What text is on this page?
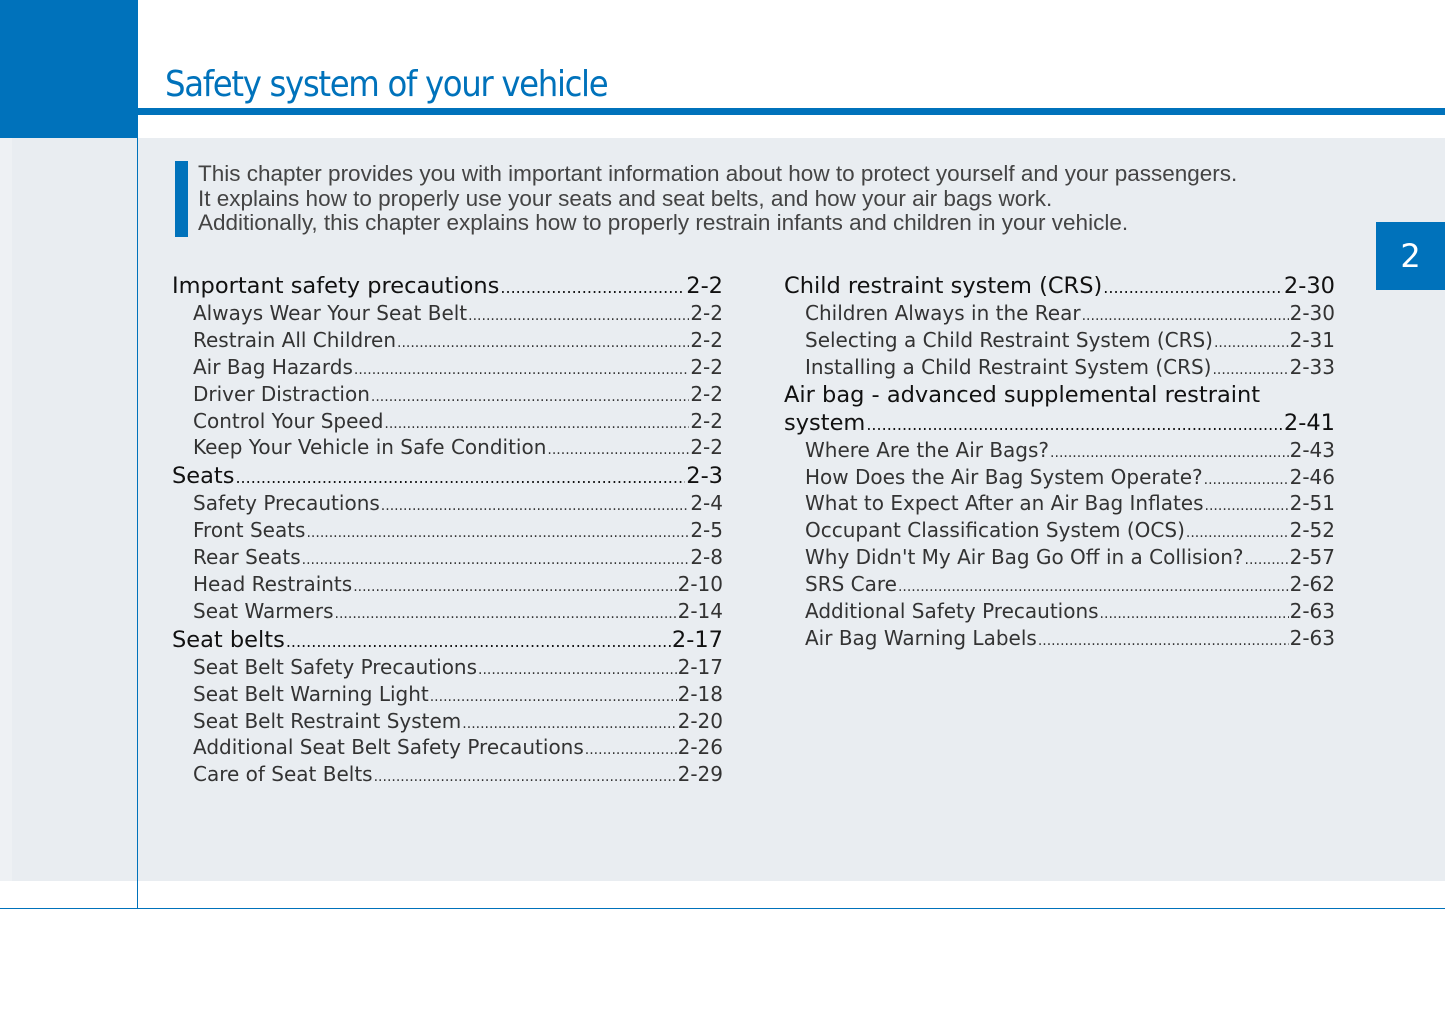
Safety system of your vehicle
This chapter provides you with important information about how to protect yourself and your passengers.
It explains how to properly use your seats and seat belts, and how your air bags work.
Additionally, this chapter explains how to properly restrain infants and children in your vehicle.
2
Important safety precautions .....	2-2
Always Wear Your Seat Belt .....	2-2
Restrain All Children .....	2-2
Air Bag Hazards .....	2-2
Driver Distraction .....	2-2
Control Your Speed .....	2-2
Keep Your Vehicle in Safe Condition .....	2-2
Seats .....	2-3
Safety Precautions .....	2-4
Front Seats .....	2-5
Rear Seats .....	2-8
Head Restraints .....	2-10
Seat Warmers .....	2-14
Seat belts .....	2-17
Seat Belt Safety Precautions .....	2-17
Seat Belt Warning Light .....	2-18
Seat Belt Restraint System .....	2-20
Additional Seat Belt Safety Precautions .....	2-26
Care of Seat Belts .....	2-29
Child restraint system (CRS) .....	2-30
Children Always in the Rear .....	2-30
Selecting a Child Restraint System (CRS) .....	2-31
Installing a Child Restraint System (CRS) .....	2-33
Air bag - advanced supplemental restraint
system .....	2-41
Where Are the Air Bags? .....	2-43
How Does the Air Bag System Operate? .....	2-46
What to Expect After an Air Bag Inflates .....	2-51
Occupant Classification System (OCS) .....	2-52
Why Didn't My Air Bag Go Off in a Collision? ..... 2-57
SRS Care .....	2-62
Additional Safety Precautions .....	2-63
Air Bag Warning Labels .....	2-63
